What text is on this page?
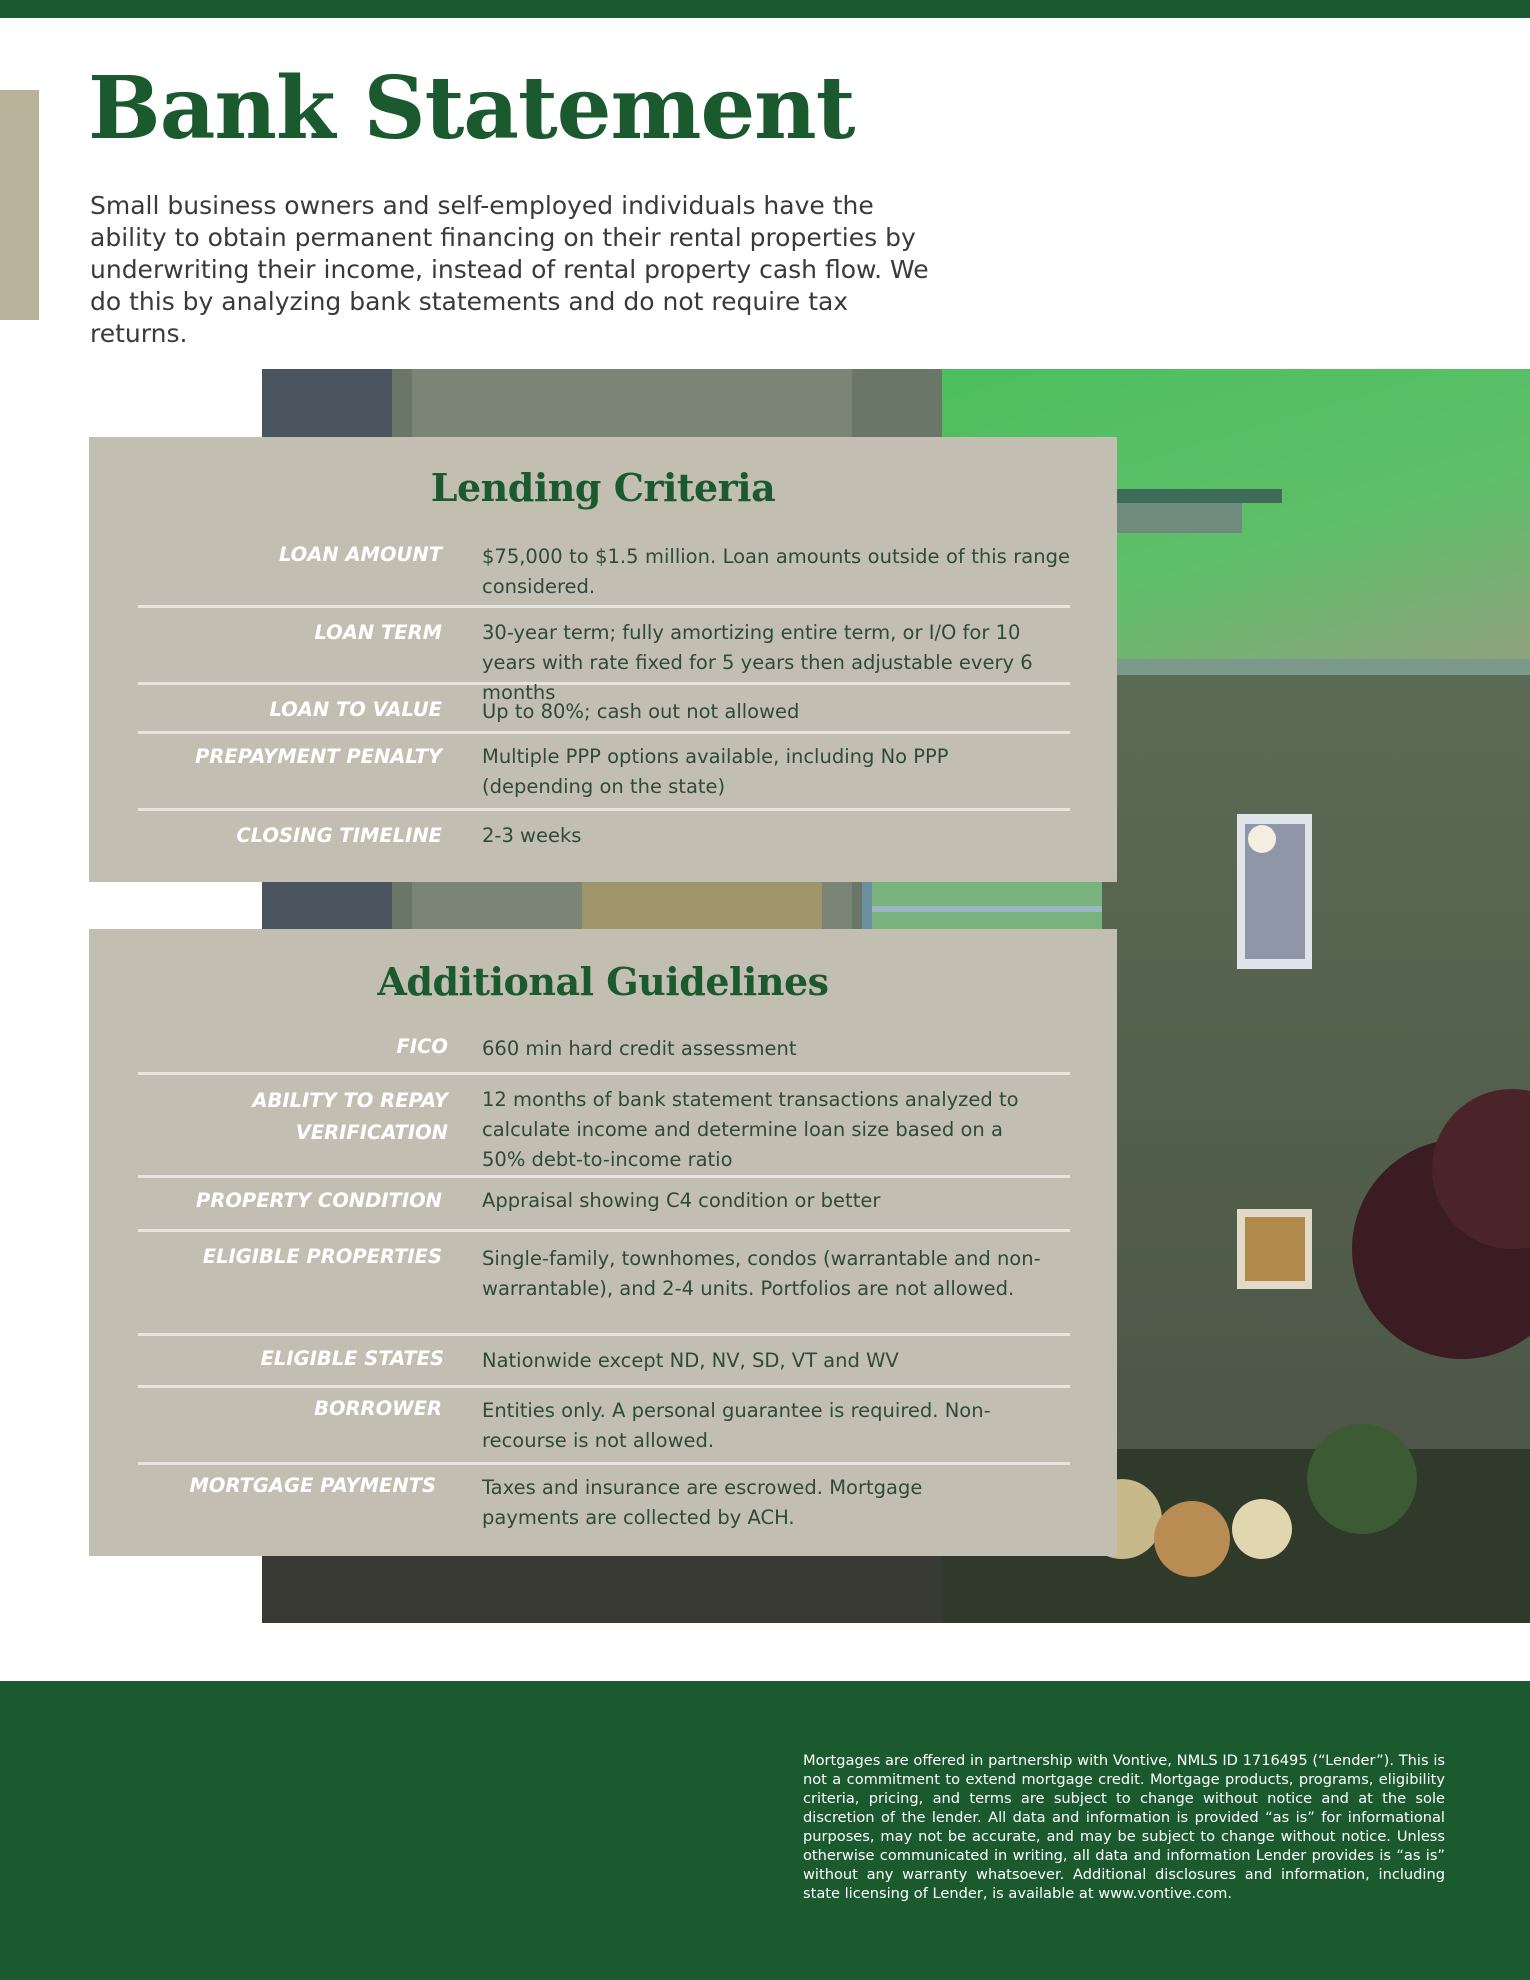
Bank Statement

Small business owners and self-employed individuals have the ability to obtain permanent financing on their rental properties by underwriting their income, instead of rental property cash flow. We do this by analyzing bank statements and do not require tax returns.

Lending Criteria
LOAN AMOUNT $75,000 to $1.5 million. Loan amounts outside of this range considered.
LOAN TERM 30-year term; fully amortizing entire term, or I/O for 10 years with rate fixed for 5 years then adjustable every 6 months
LOAN TO VALUE Up to 80%; cash out not allowed
PREPAYMENT PENALTY Multiple PPP options available, including No PPP (depending on the state)
CLOSING TIMELINE 2-3 weeks
Additional Guidelines
FICO 660 min hard credit assessment
ABILITY TO REPAY VERIFICATION
12 months of bank statement transactions analyzed to calculate income and determine loan size based on a 50% debt-to-income ratio
PROPERTY CONDITION Appraisal showing C4 condition or better
ELIGIBLE PROPERTIES Single-family, townhomes, condos (warrantable and non-warrantable), and 2-4 units. Portfolios are not allowed.
ELIGIBLE STATES Nationwide except ND, NV, SD, VT and WV
BORROWER Entities only. A personal guarantee is required. Non-recourse is not allowed.
MORTGAGE PAYMENTS Taxes and insurance are escrowed. Mortgage payments are collected by ACH.

Mortgages are offered in partnership with Vontive, NMLS ID 1716495 (“Lender”). This is not a commitment to extend mortgage credit. Mortgage products, programs, eligibility criteria, pricing, and terms are subject to change without notice and at the sole discretion of the lender. All data and information is provided “as is” for informational purposes, may not be accurate, and may be subject to change without notice. Unless otherwise communicated in writing, all data and information Lender provides is “as is” without any warranty whatsoever. Additional disclosures and information, including state licensing of Lender, is available at www.vontive.com.
